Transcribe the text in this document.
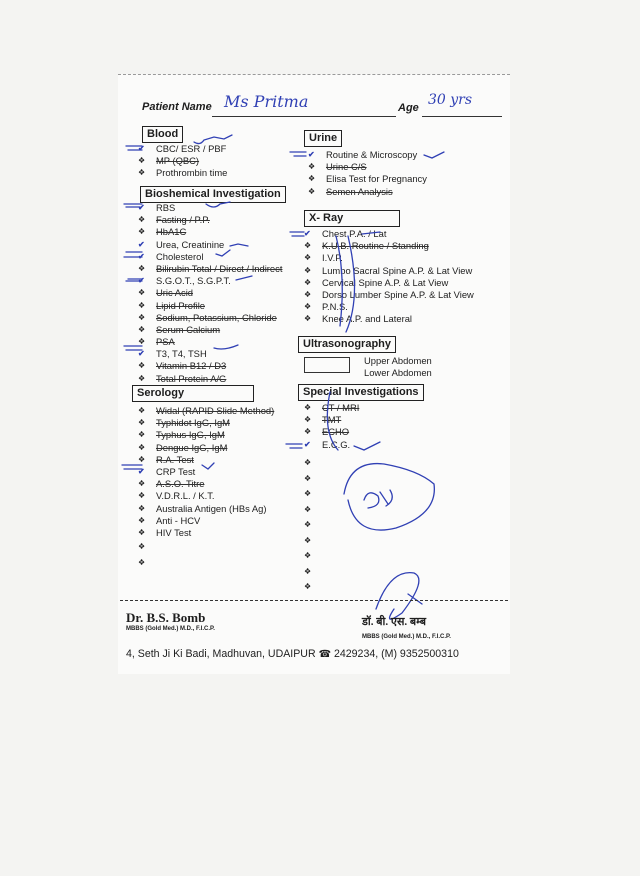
Patient Name Ms Pritma	Age 30 yrs
Blood
✔	CBC/ ESR / PBF
❖	MP (QBC)
❖	Prothrombin time
Bioshemical Investigation
✔	RBS
❖	Fasting / P.P.
❖	HbA1C
✔	Urea, Creatinine
✔	Cholesterol
❖	Bilirubin Total / Direct / Indirect
✔	S.G.O.T., S.G.P.T.
❖	Uric Acid
❖	Lipid Profile
❖	Sodium, Potassium, Chloride
❖	Serum Calcium
❖	PSA
✔	T3, T4, TSH
❖	Vitamin B12 / D3
❖	Total Protein A/G
Serology
❖	Widal (RAPID Slide Method)
❖	Typhidot IgG, IgM
❖	Typhus IgG, IgM
❖	Dengue IgG, IgM
❖	R.A. Test
✔	CRP Test
❖	A.S.O. Titre
❖	V.D.R.L. / K.T.
❖	Australia Antigen (HBs Ag)
❖	Anti - HCV
❖	HIV Test
❖
❖
Urine
✔	Routine & Microscopy
❖	Urine C/S
❖	Elisa Test for Pregnancy
❖	Semen Analysis
X- Ray
✔	Chest P.A. / Lat
❖	K.U.B. Routine / Standing
❖	I.V.P.
❖	Lumbo Sacral Spine A.P. & Lat View
❖	Cervical Spine A.P. & Lat View
❖	Dorso Lumber Spine A.P. & Lat View
❖	P.N.S.
❖	Knee A.P. and Lateral
Ultrasonography
Upper Abdomen
Lower Abdomen
Special Investigations
❖	CT / MRI
❖	TMT
❖	ECHO
✔	E.C.G.
❖
❖
❖
❖
❖
❖
❖
❖
❖
Dr. B.S. Bomb
MBBS (Gold Med.) M.D., F.I.C.P.
डॉ. बी. एस. बम्ब
MBBS (Gold Med.) M.D., F.I.C.P.
4, Seth Ji Ki Badi, Madhuvan, UDAIPUR ☎ 2429234, (M) 9352500310
